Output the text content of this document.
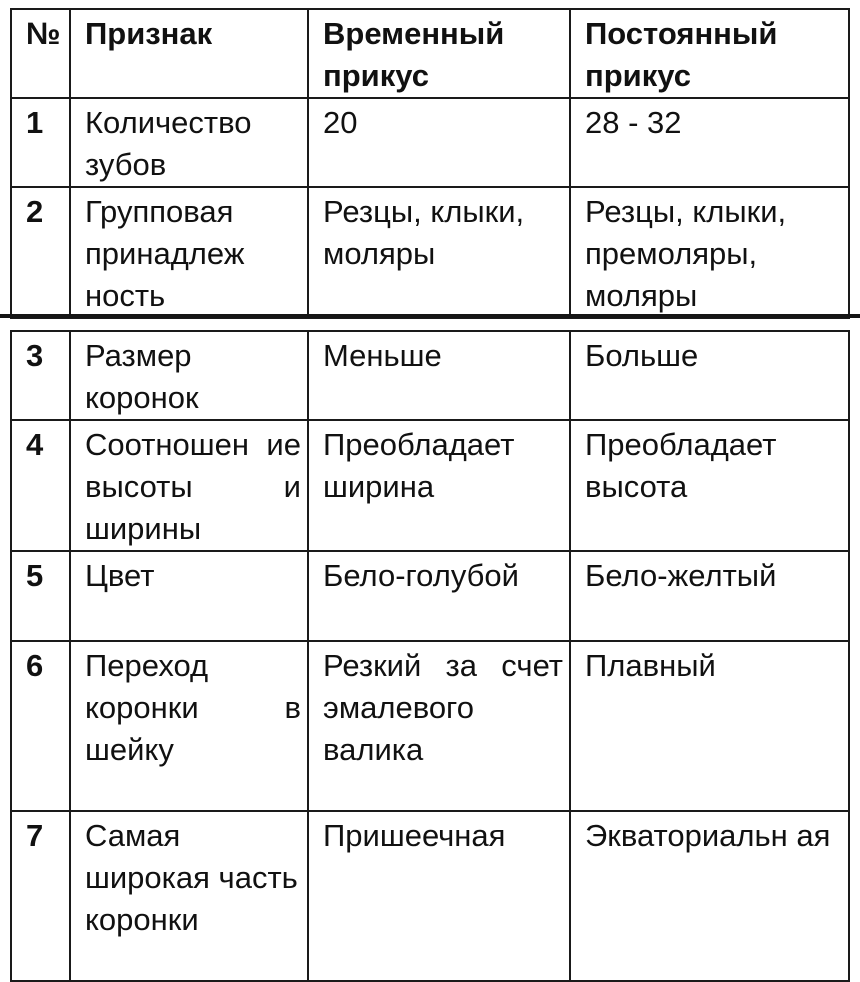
№	Признак	Временный прикус	Постоянный прикус
1	Количество зубов	20	28 - 32
2	Групповая принадлеж ность	Резцы, клыки, моляры	Резцы, клыки, премоляры, моляры
3	Размер коронок	Меньше	Больше
4	Соотношен ие высоты и ширины	Преобладает ширина	Преобладает высота
5	Цвет	Бело-голубой	Бело-желтый
6	Переход коронки в шейку	Резкий за счет эмалевого валика	Плавный
7	Самая широкая часть коронки	Пришеечная	Экваториальн ая
